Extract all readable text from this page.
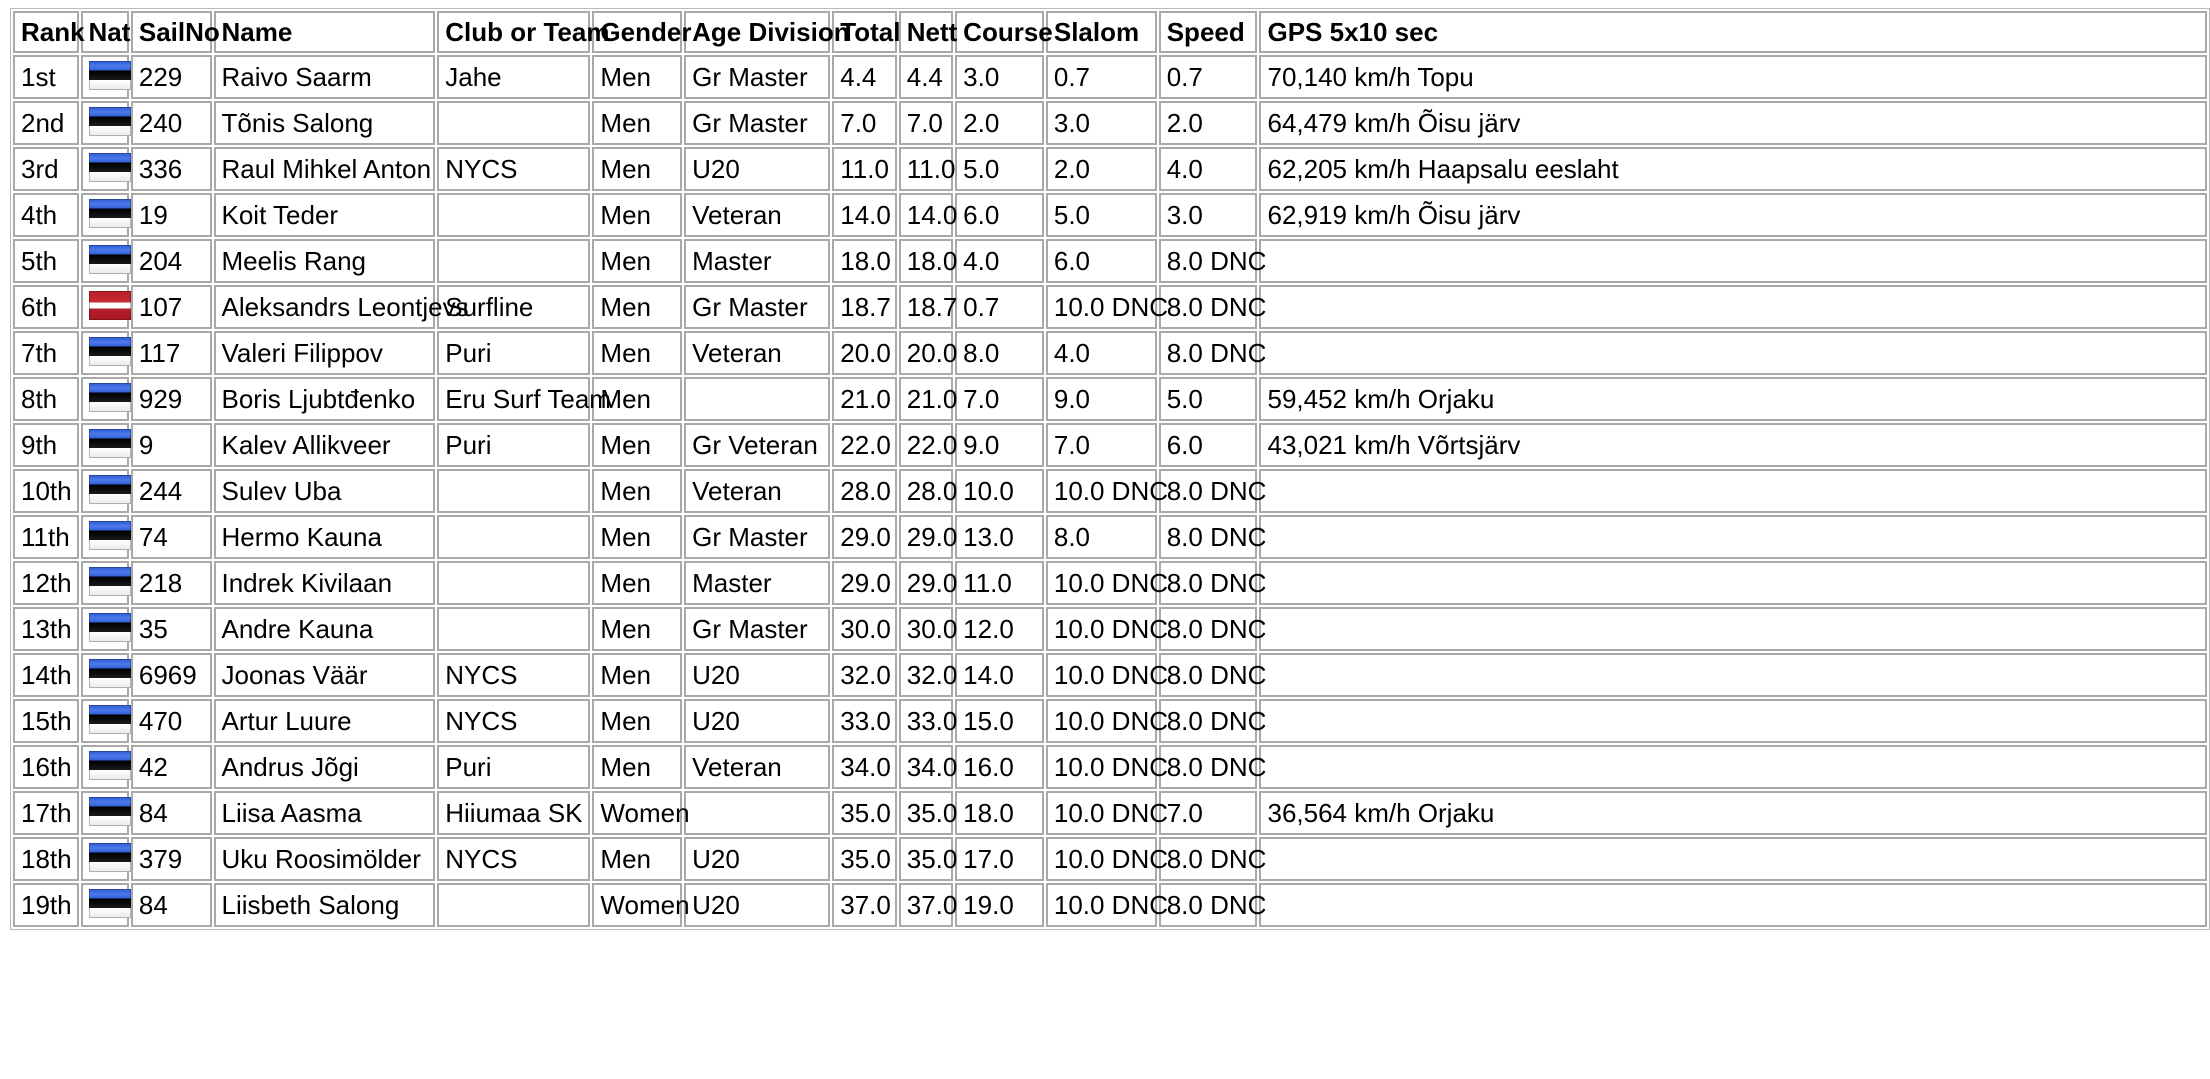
Rank	Nat	SailNo	Name	Club or Team	Gender	Age Division	Total	Nett	Course	Slalom	Speed	GPS 5x10 sec
1st		229	Raivo Saarm	Jahe	Men	Gr Master	4.4	4.4	3.0	0.7	0.7	70,140 km/h Topu
2nd		240	Tõnis Salong		Men	Gr Master	7.0	7.0	2.0	3.0	2.0	64,479 km/h Õisu järv
3rd		336	Raul Mihkel Anton	NYCS	Men	U20	11.0	11.0	5.0	2.0	4.0	62,205 km/h Haapsalu eeslaht
4th		19	Koit Teder		Men	Veteran	14.0	14.0	6.0	5.0	3.0	62,919 km/h Õisu järv
5th		204	Meelis Rang		Men	Master	18.0	18.0	4.0	6.0	8.0 DNC	
6th		107	Aleksandrs Leontjevs	Surfline	Men	Gr Master	18.7	18.7	0.7	10.0 DNC	8.0 DNC	
7th		117	Valeri Filippov	Puri	Men	Veteran	20.0	20.0	8.0	4.0	8.0 DNC	
8th		929	Boris Ljubtđenko	Eru Surf Team	Men		21.0	21.0	7.0	9.0	5.0	59,452 km/h Orjaku
9th		9	Kalev Allikveer	Puri	Men	Gr Veteran	22.0	22.0	9.0	7.0	6.0	43,021 km/h Võrtsjärv
10th		244	Sulev Uba		Men	Veteran	28.0	28.0	10.0	10.0 DNC	8.0 DNC	
11th		74	Hermo Kauna		Men	Gr Master	29.0	29.0	13.0	8.0	8.0 DNC	
12th		218	Indrek Kivilaan		Men	Master	29.0	29.0	11.0	10.0 DNC	8.0 DNC	
13th		35	Andre Kauna		Men	Gr Master	30.0	30.0	12.0	10.0 DNC	8.0 DNC	
14th		6969	Joonas Väär	NYCS	Men	U20	32.0	32.0	14.0	10.0 DNC	8.0 DNC	
15th		470	Artur Luure	NYCS	Men	U20	33.0	33.0	15.0	10.0 DNC	8.0 DNC	
16th		42	Andrus Jõgi	Puri	Men	Veteran	34.0	34.0	16.0	10.0 DNC	8.0 DNC	
17th		84	Liisa Aasma	Hiiumaa SK	Women		35.0	35.0	18.0	10.0 DNC	7.0	36,564 km/h Orjaku
18th		379	Uku Roosimölder	NYCS	Men	U20	35.0	35.0	17.0	10.0 DNC	8.0 DNC	
19th		84	Liisbeth Salong		Women	U20	37.0	37.0	19.0	10.0 DNC	8.0 DNC	
